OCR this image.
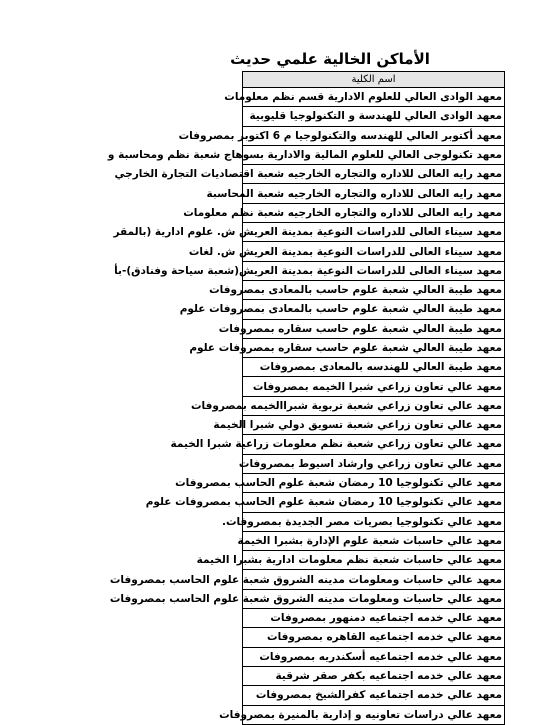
الأماكن الخالية علمي حديث
اسم الكلية
معهد الوادى العالي للعلوم الادارية قسم نظم معلومات
معهد الوادى العالي للهندسة و التكنولوجيا قليوبية
معهد أكتوبر العالي للهندسه والتكنولوجيا م 6 اكتوبر بمصروفات
معهد تكنولوجى العالي للعلوم المالية والادارية بسوهاج شعبة نظم ومحاسبة و
معهد رايه العالى للاداره والتجاره الخارجيه شعبة اقتصاديات التجارة الخارجي
معهد رايه العالى للاداره والتجاره الخارجيه شعبة المحاسبة
معهد رايه العالى للاداره والتجاره الخارجيه شعبة نظم معلومات
معهد سيناء العالى للدراسات النوعية بمدينة العريش ش. علوم ادارية (بالمقر
معهد سيناء العالى للدراسات النوعية بمدينة العريش ش. لغات
معهد سيناء العالى للدراسات النوعية بمدينة العريش(شعبة سياحة وفنادق)-بأ
معهد طيبة العالي شعبة علوم حاسب بالمعادى بمصروفات
معهد طيبة العالي شعبة علوم حاسب بالمعادى بمصروفات علوم
معهد طيبة العالي شعبة علوم حاسب سقاره بمصروفات
معهد طيبة العالي شعبة علوم حاسب سقاره بمصروفات علوم
معهد طيبة العالي للهندسه بالمعادى بمصروفات
معهد عالي تعاون زراعي شبرا الخيمه بمصروفات
معهد عالي تعاون زراعي شعبة تربوية شبراالخيمه بمصروفات
معهد عالي تعاون زراعي شعبة تسويق دولي شبرا الخيمة
معهد عالي تعاون زراعي شعبة نظم معلومات زراعية شبرا الخيمة
معهد عالي تعاون زراعي وارشاد اسيوط بمصروفات
معهد عالي تكنولوجيا 10 رمضان شعبة علوم الحاسب بمصروفات
معهد عالي تكنولوجيا 10 رمضان شعبة علوم الحاسب بمصروفات علوم
معهد عالي تكنولوجيا بصريات مصر الجديدة بمصروفات.
معهد عالي حاسبات شعبة علوم الإدارة بشبرا الخيمة
معهد عالي حاسبات شعبة نظم معلومات ادارية بشبرا الخيمة
معهد عالي حاسبات ومعلومات مدينه الشروق شعبة علوم الحاسب بمصروفات
معهد عالي حاسبات ومعلومات مدينه الشروق شعبة علوم الحاسب بمصروفات
معهد عالي خدمه اجتماعيه دمنهور بمصروفات
معهد عالي خدمه اجتماعيه القاهره بمصروفات
معهد عالي خدمه اجتماعيه أسكندريه بمصروفات
معهد عالي خدمه اجتماعيه بكفر صقر شرقية
معهد عالي خدمه اجتماعيه كفرالشيخ بمصروفات
معهد عالي دراسات تعاونيه و إدارية بالمنيرة بمصروفات
